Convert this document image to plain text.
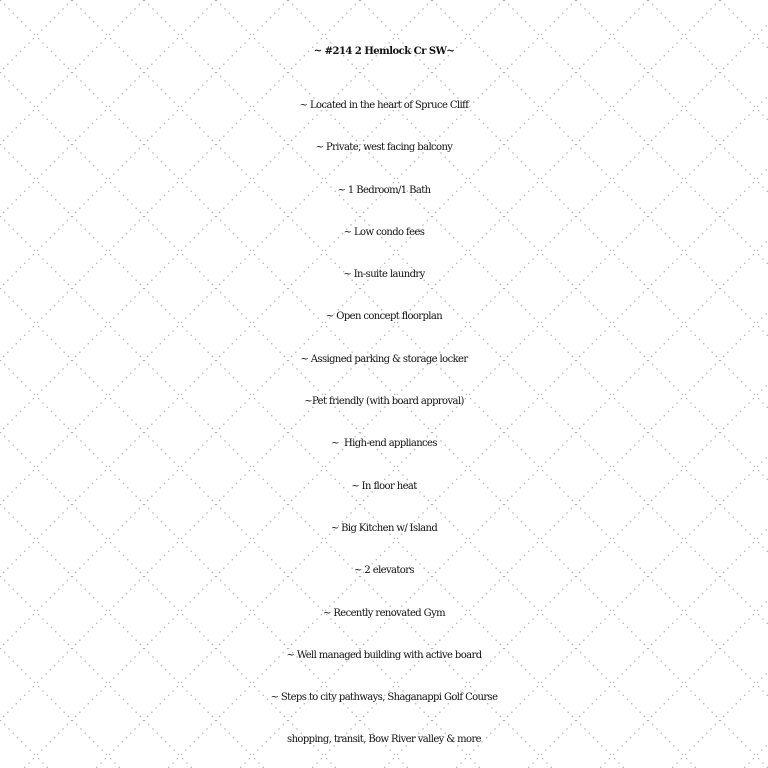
~ #214 2 Hemlock Cr SW~
~ Located in the heart of Spruce Cliff
~ Private, west facing balcony
~ 1 Bedroom/1 Bath
~ Low condo fees
~ In-suite laundry
~ Open concept floorplan
~ Assigned parking & storage locker
~Pet friendly (with board approval)
~  High-end appliances
~ In floor heat
~ Big Kitchen w/ Island
~ 2 elevators
~ Recently renovated Gym
~ Well managed building with active board
~ Steps to city pathways, Shaganappi Golf Course
shopping, transit, Bow River valley & more
